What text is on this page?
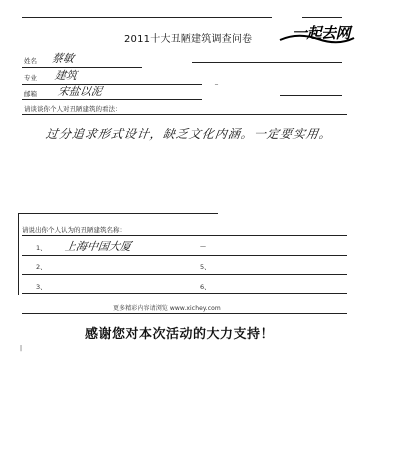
2011十大丑陋建筑调查问卷	一起去网
姓名 蔡敏
专业 建筑	_
邮箱 宋盐以泥
请谈谈你个人对丑陋建筑的看法：
过分追求形式设计，缺乏文化内涵。一定要实用。
请说出你个人认为的丑陋建筑名称：
1、 上海中国大厦	—
2、	5、
3、	6、
更多精彩内容请浏览 www.xichey.com
感谢您对本次活动的大力支持！
|
